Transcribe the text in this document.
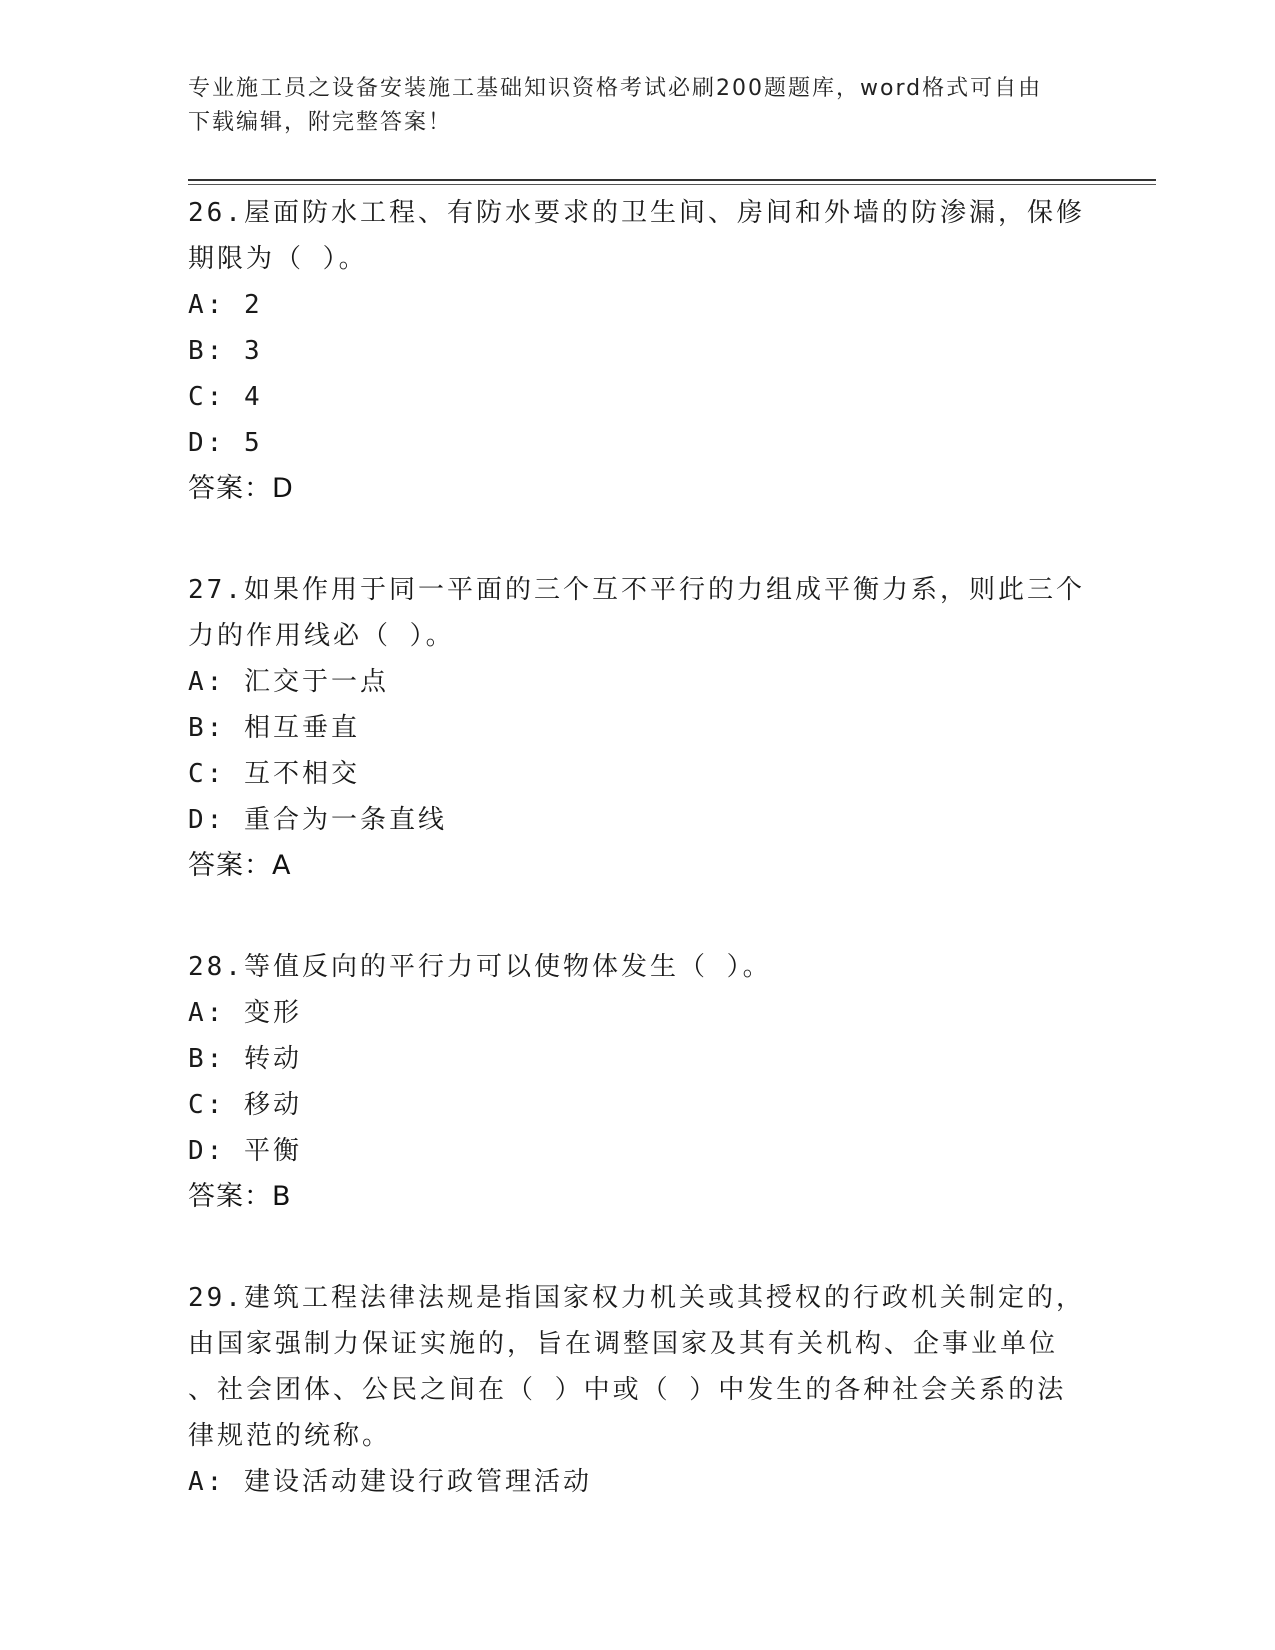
专业施工员之设备安装施工基础知识资格考试必刷200题题库，word格式可自由
下载编辑，附完整答案！
26.屋面防水工程、有防水要求的卫生间、房间和外墙的防渗漏，保修
期限为（ ）。
A: 2
B: 3
C: 4
D: 5
答案：D
27.如果作用于同一平面的三个互不平行的力组成平衡力系，则此三个
力的作用线必（ ）。
A: 汇交于一点
B: 相互垂直
C: 互不相交
D: 重合为一条直线
答案：A
28.等值反向的平行力可以使物体发生（ ）。
A: 变形
B: 转动
C: 移动
D: 平衡
答案：B
29.建筑工程法律法规是指国家权力机关或其授权的行政机关制定的，
由国家强制力保证实施的，旨在调整国家及其有关机构、企事业单位
、社会团体、公民之间在（ ）中或（ ）中发生的各种社会关系的法
律规范的统称。
A: 建设活动建设行政管理活动
